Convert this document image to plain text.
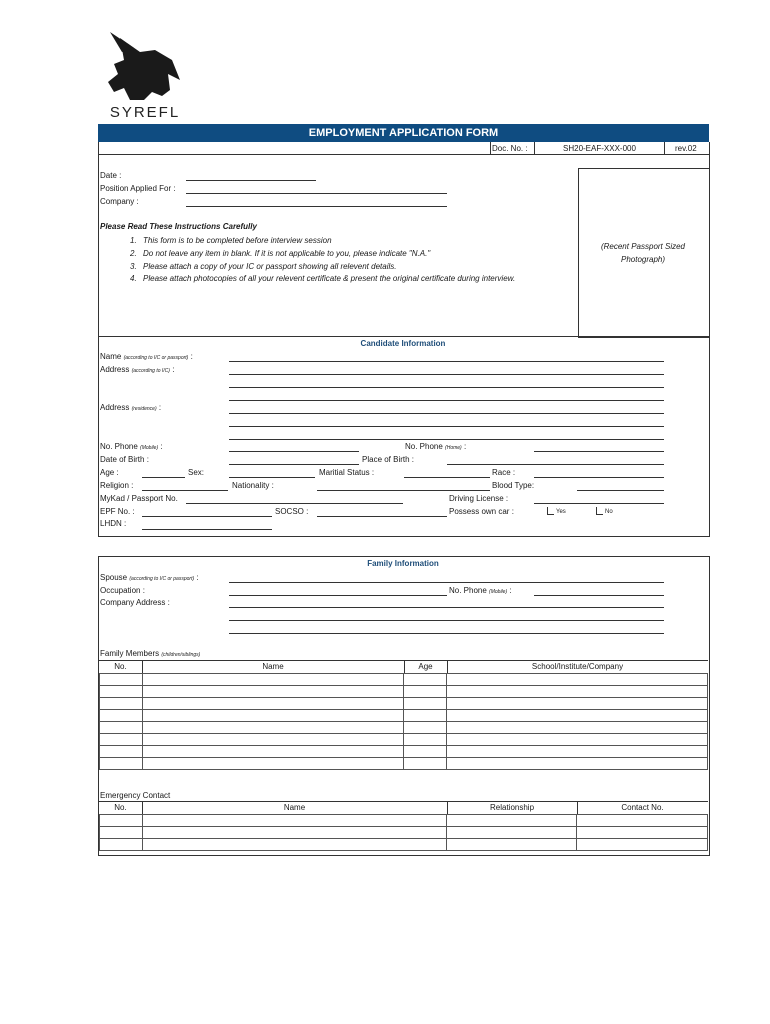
SYREFL
EMPLOYMENT APPLICATION FORM
Doc. No. :	SH20-EAF-XXX-000	rev.02
(Recent Passport Sized
Photograph)
Date :
Position Applied For :
Company :
Please Read These Instructions Carefully
1. This form is to be completed before interview session
2. Do not leave any item in blank. If it is not applicable to you, please indicate "N.A."
3. Please attach a copy of your IC or passport showing all relevent details.
4. Please attach photocopies of all your relevent certificate & present the original certificate during interview.
Candidate Information
Name (according to I/C or passport) :
Address (according to I/C) :
Address (residence) :
No. Phone (Mobile) :	No. Phone (Home) :
Date of Birth :	Place of Birth :
Age :	Sex:	Maritial Status :	Race :
Religion :	Nationality :	Blood Type:
MyKad / Passport No.	Driving License :
EPF No. :	SOCSO :	Possess own car :	Yes	No
LHDN :
Family Information
Spouse (according to I/C or passport) :
Occupation :	No. Phone (Mobile) :
Company Address :
Family Members (children/siblings)
No.	Name	Age	School/Institute/Company

Emergency Contact
No.	Name	Relationship	Contact No.
